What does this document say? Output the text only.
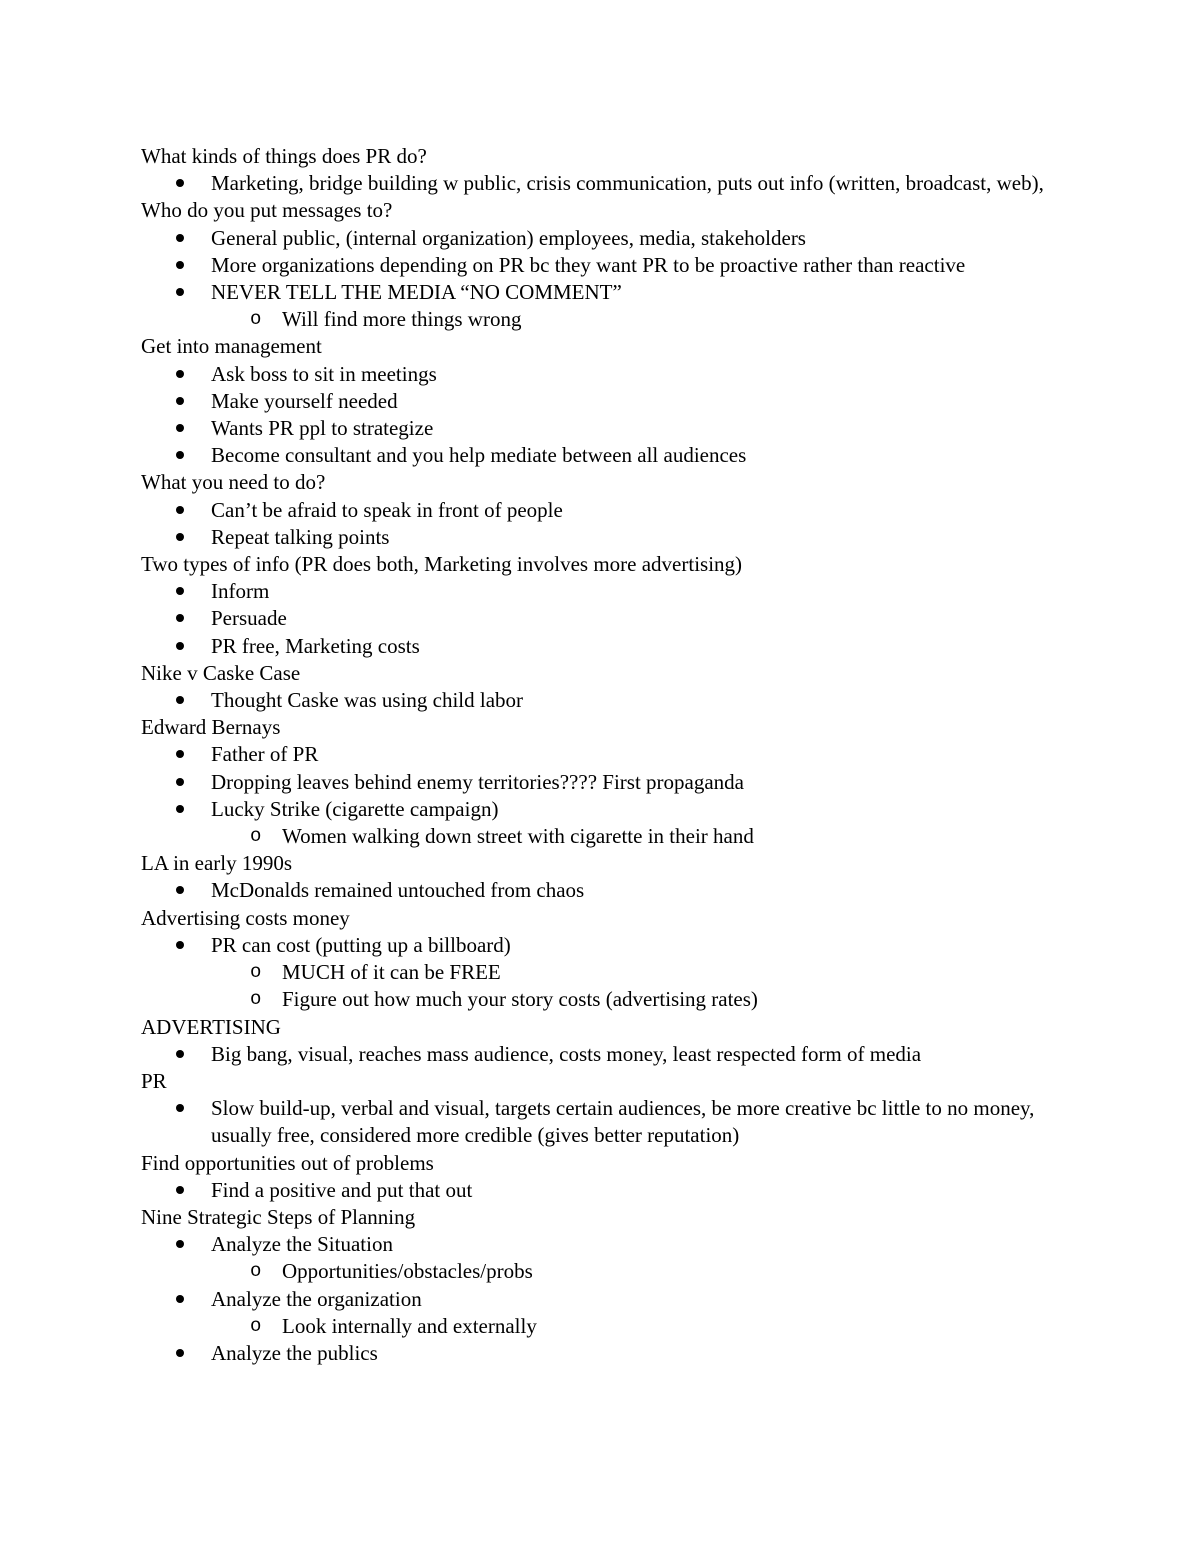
What kinds of things does PR do?
Marketing, bridge building w public, crisis communication, puts out info (written, broadcast, web),
Who do you put messages to?
General public, (internal organization) employees, media, stakeholders
More organizations depending on PR bc they want PR to be proactive rather than reactive
NEVER TELL THE MEDIA “NO COMMENT”
o Will find more things wrong
Get into management
Ask boss to sit in meetings
Make yourself needed
Wants PR ppl to strategize
Become consultant and you help mediate between all audiences
What you need to do?
Can’t be afraid to speak in front of people
Repeat talking points
Two types of info (PR does both, Marketing involves more advertising)
Inform
Persuade
PR free, Marketing costs
Nike v Caske Case
Thought Caske was using child labor
Edward Bernays
Father of PR
Dropping leaves behind enemy territories???? First propaganda
Lucky Strike (cigarette campaign)
o Women walking down street with cigarette in their hand
LA in early 1990s
McDonalds remained untouched from chaos
Advertising costs money
PR can cost (putting up a billboard)
o MUCH of it can be FREE
o Figure out how much your story costs (advertising rates)
ADVERTISING
Big bang, visual, reaches mass audience, costs money, least respected form of media
PR
Slow build-up, verbal and visual, targets certain audiences, be more creative bc little to no money, usually free, considered more credible (gives better reputation)
Find opportunities out of problems
Find a positive and put that out
Nine Strategic Steps of Planning
Analyze the Situation
o Opportunities/obstacles/probs
Analyze the organization
o Look internally and externally
Analyze the publics
